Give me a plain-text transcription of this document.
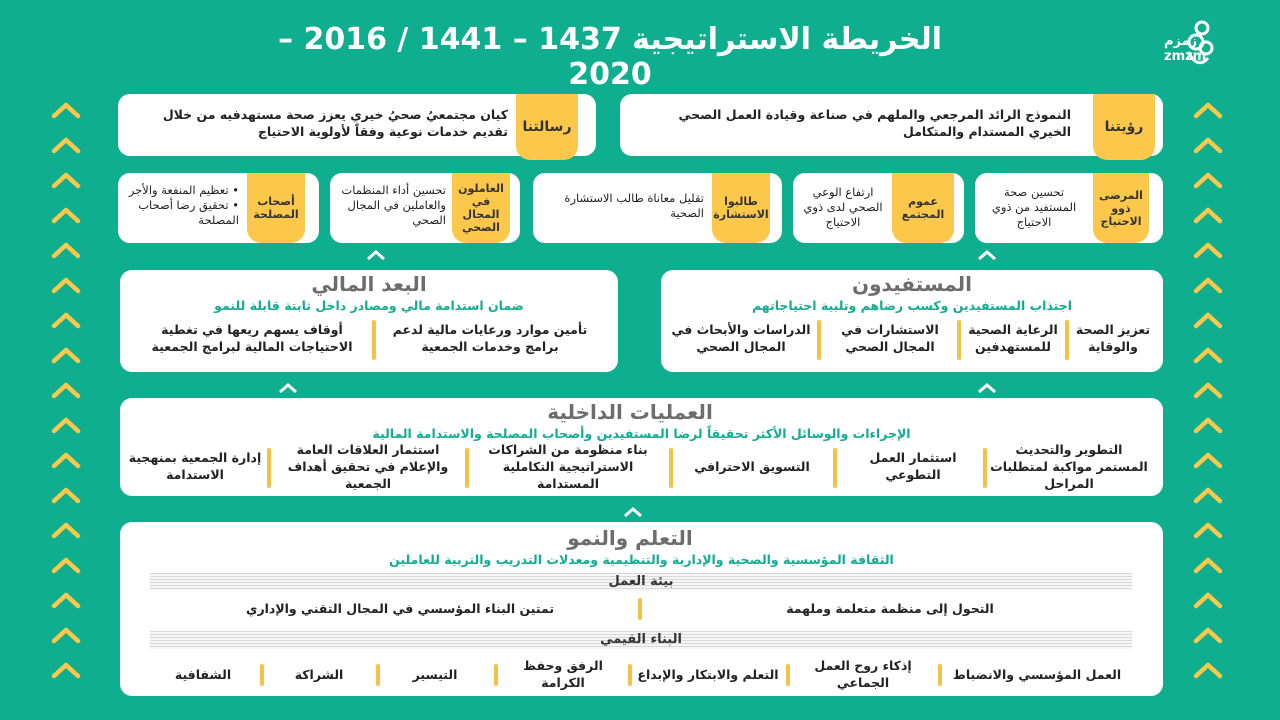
الخريطة الاستراتيجية 1437 – 1441 / 2016 – 2020
زمزم
zmzm
رؤيتنا
النموذج الرائد المرجعي والملهم في صناعة وقيادة العمل الصحي الخيري المستدام والمتكامل
رسالتنا
كيان مجتمعيُ صحيُ خيري يعزز صحة مستهدفيه من خلال تقديم خدمات نوعية وفقاً لأولوية الاحتياج
المرضى ذوو الاحتياج
تحسين صحة المستفيد من ذوي الاحتياج
عموم المجتمع
ارتفاع الوعي الصحي لدى ذوي الاحتياج
طالبوا الاستشارة
تقليل معاناة طالب الاستشارة الصحية
العاملون في المجال الصحي
تحسين أداء المنظمات والعاملين في المجال الصحي
أصحاب المصلحة
• تعظيم المنفعة والأجر
• تحقيق رضا أصحاب المصلحة
المستفيدون
اجتذاب المستفيدين وكسب رضاهم وتلبية احتياجاتهم
تعزيز الصحة والوقاية
الرعاية الصحية للمستهدفين
الاستشارات في المجال الصحي
الدراسات والأبحاث في المجال الصحي
البعد المالي
ضمان استدامة مالي ومصادر داخل ثابتة قابلة للنمو
تأمين موارد ورعايات مالية لدعم برامج وخدمات الجمعية
أوقاف يسهم ريعها في تغطية الاحتياجات المالية لبرامج الجمعية
العمليات الداخلية
الإجراءات والوسائل الأكثر تحقيقاً لرضا المستفيدين وأصحاب المصلحة والاستدامة المالية
التطوير والتحديث المستمر مواكبة لمتطلبات المراحل
استثمار العمل التطوعي
التسويق الاحترافي
بناء منظومة من الشراكات الاستراتيجية التكاملية المستدامة
استثمار العلاقات العامة والإعلام في تحقيق أهداف الجمعية
إدارة الجمعية بمنهجية الاستدامة
التعلم والنمو
الثقافة المؤسسية والصحية والإدارية والتنظيمية ومعدلات التدريب والتربية للعاملين
بيئة العمل
التحول إلى منظمة متعلمة وملهمة
تمتين البناء المؤسسي في المجال التقني والإداري
البناء القيمي
العمل المؤسسي والانضباط
إذكاء روح العمل الجماعي
التعلم والابتكار والإبداع
الرفق وحفظ الكرامة
التيسير
الشراكة
الشفافية
